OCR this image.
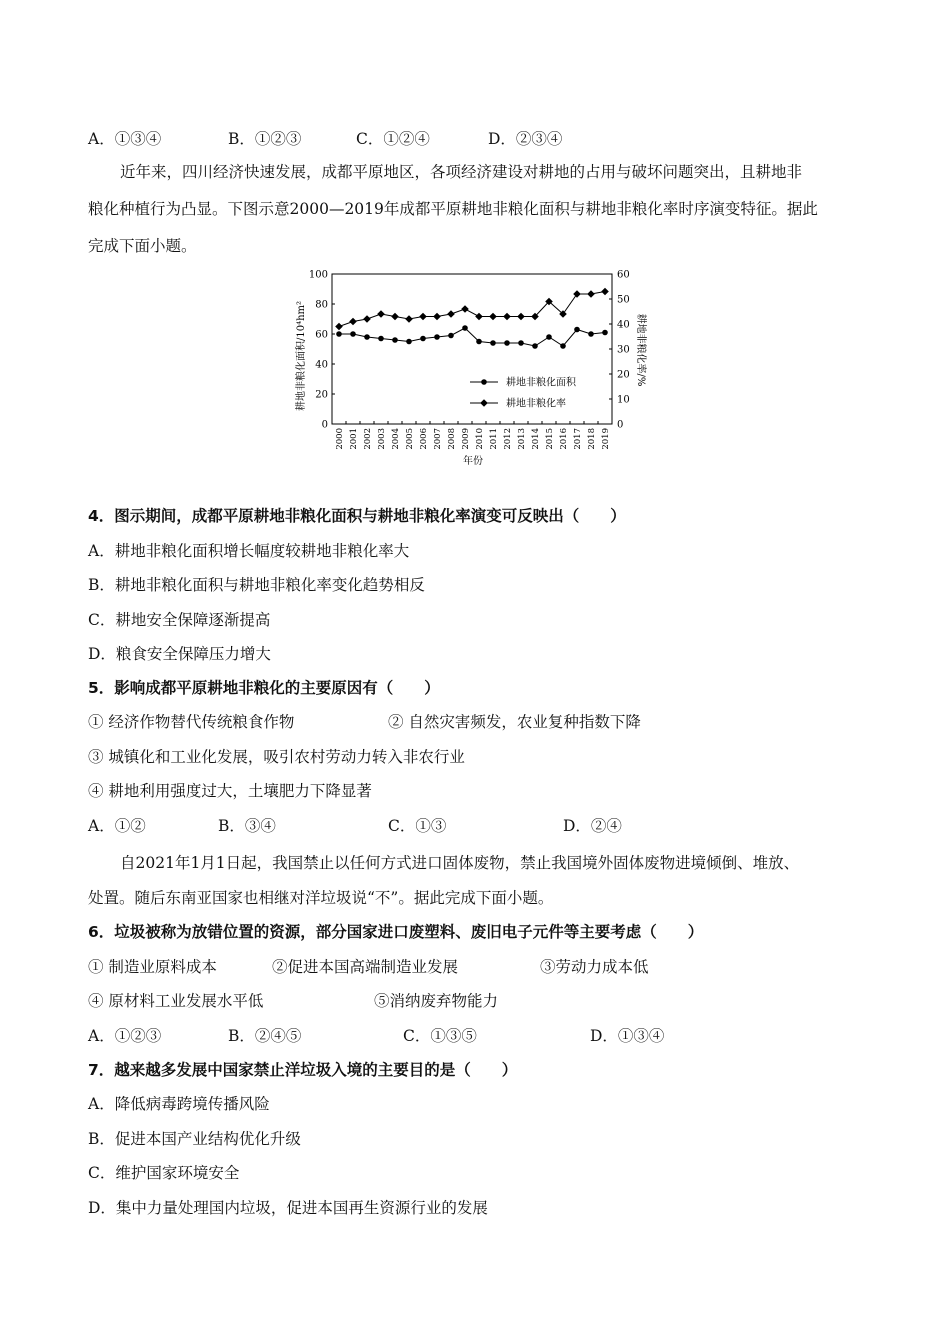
A．①③④	B．①②③	C．①②④	D．②③④
近年来，四川经济快速发展，成都平原地区，各项经济建设对耕地的占用与破坏问题突出，且耕地非
粮化种植行为凸显。下图示意2000—2019年成都平原耕地非粮化面积与耕地非粮化率时序演变特征。据此
完成下面小题。
0
20
40
60
80
100
0
10
20
30
40
50
60
2000 2001 2002 2003 2004 2005 2006 2007 2008 2009 2010 2011 2012 2013 2014 2015 2016 2017 2018 2019
耕地非粮化面积
耕地非粮化率
耕地非粮化面积/10⁴hm²	耕地非粮化率/%
年份
4．图示期间，成都平原耕地非粮化面积与耕地非粮化率演变可反映出（　　）
A．耕地非粮化面积增长幅度较耕地非粮化率大
B．耕地非粮化面积与耕地非粮化率变化趋势相反
C．耕地安全保障逐渐提高
D．粮食安全保障压力增大
5．影响成都平原耕地非粮化的主要原因有（　　）
① 经济作物替代传统粮食作物	② 自然灾害频发，农业复种指数下降
③ 城镇化和工业化发展，吸引农村劳动力转入非农行业
④ 耕地利用强度过大，土壤肥力下降显著
A．①②	B．③④	C．①③	D．②④
自2021年1月1日起，我国禁止以任何方式进口固体废物，禁止我国境外固体废物进境倾倒、堆放、
处置。随后东南亚国家也相继对洋垃圾说“不”。据此完成下面小题。
6．垃圾被称为放错位置的资源，部分国家进口废塑料、废旧电子元件等主要考虑（　　）
① 制造业原料成本	②促进本国高端制造业发展	③劳动力成本低
④ 原材料工业发展水平低	⑤消纳废弃物能力
A．①②③	B．②④⑤	C．①③⑤	D．①③④
7．越来越多发展中国家禁止洋垃圾入境的主要目的是（　　）
A．降低病毒跨境传播风险
B．促进本国产业结构优化升级
C．维护国家环境安全
D．集中力量处理国内垃圾，促进本国再生资源行业的发展
